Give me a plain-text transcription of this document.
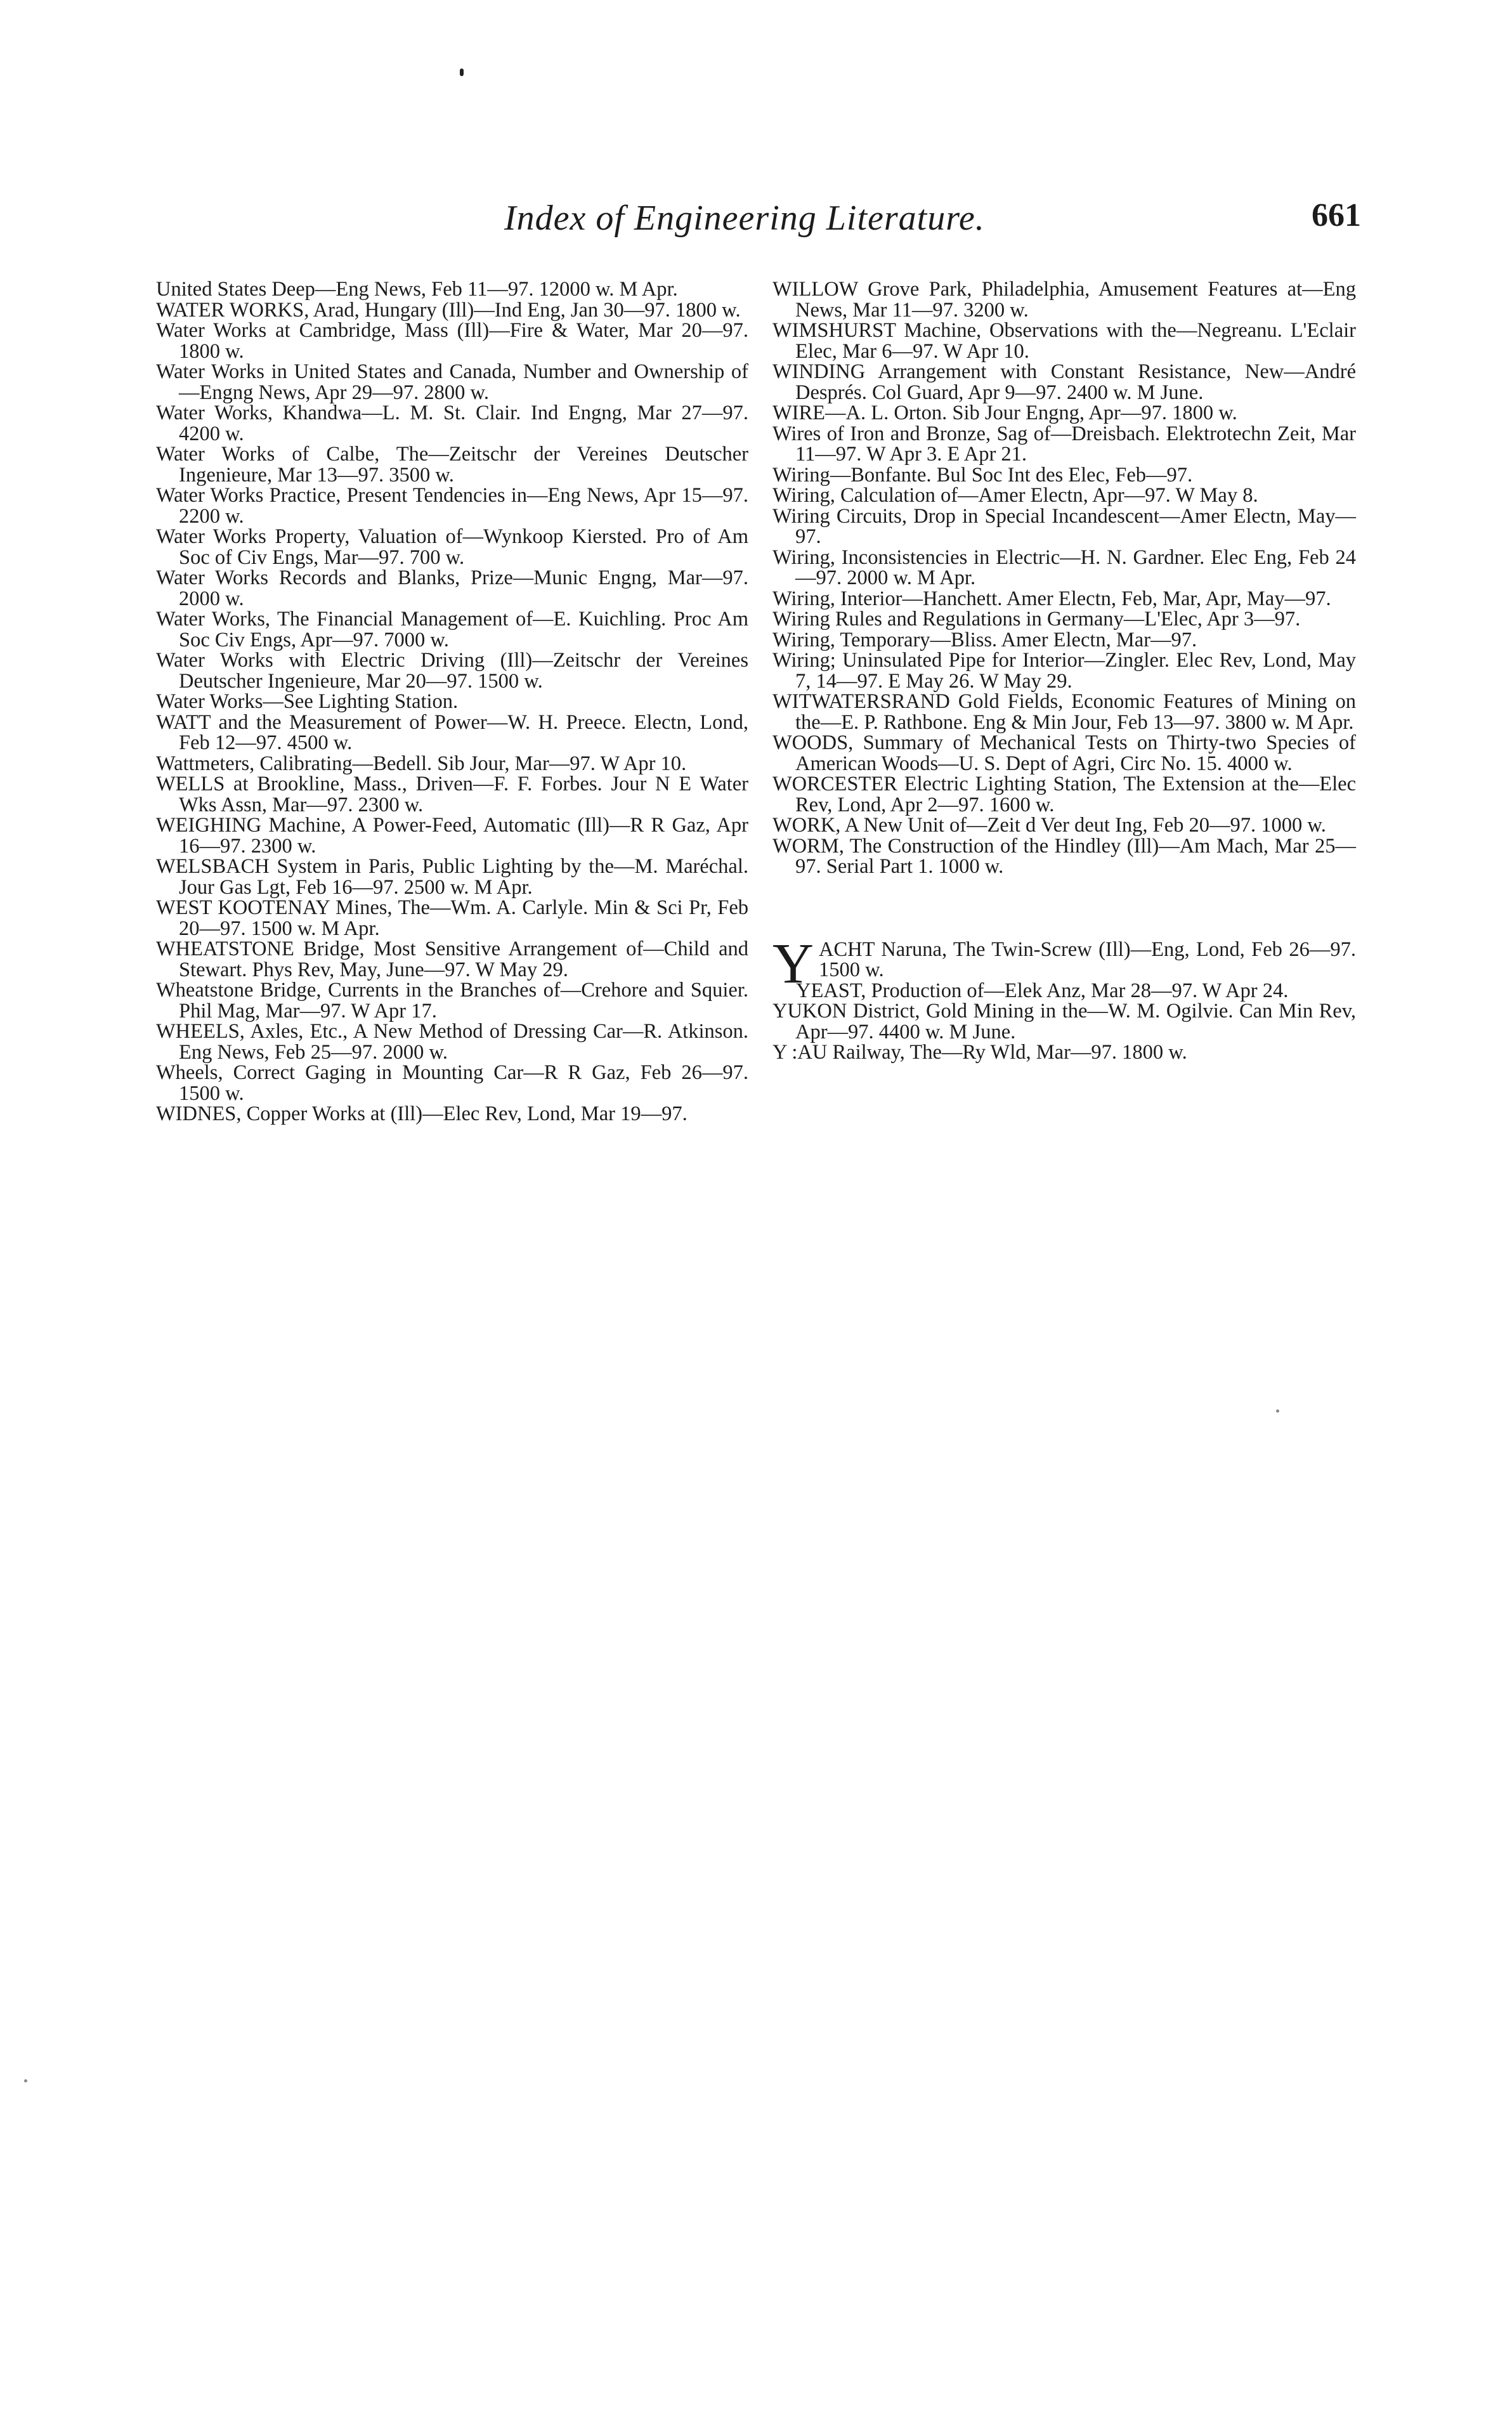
Index of Engineering Literature.	661

United States Deep—Eng News, Feb 11—97. 12000 w. M Apr.

WATER WORKS, Arad, Hungary (Ill)—Ind Eng, Jan 30—97. 1800 w.

Water Works at Cambridge, Mass (Ill)—Fire & Water, Mar 20—97. 1800 w.

Water Works in United States and Canada, Number and Ownership of—Engng News, Apr 29—97. 2800 w.

Water Works, Khandwa—L. M. St. Clair. Ind Engng, Mar 27—97. 4200 w.

Water Works of Calbe, The—Zeitschr der Vereines Deutscher Ingenieure, Mar 13—97. 3500 w.

Water Works Practice, Present Tendencies in—Eng News, Apr 15—97. 2200 w.

Water Works Property, Valuation of—Wynkoop Kiersted. Pro of Am Soc of Civ Engs, Mar—97. 700 w.

Water Works Records and Blanks, Prize—Munic Engng, Mar—97. 2000 w.

Water Works, The Financial Management of—E. Kuichling. Proc Am Soc Civ Engs, Apr—97. 7000 w.

Water Works with Electric Driving (Ill)—Zeitschr der Vereines Deutscher Ingenieure, Mar 20—97. 1500 w.

Water Works—See Lighting Station.

WATT and the Measurement of Power—W. H. Preece. Electn, Lond, Feb 12—97. 4500 w.

Wattmeters, Calibrating—Bedell. Sib Jour, Mar—97. W Apr 10.

WELLS at Brookline, Mass., Driven—F. F. Forbes. Jour N E Water Wks Assn, Mar—97. 2300 w.

WEIGHING Machine, A Power-Feed, Automatic (Ill)—R R Gaz, Apr 16—97. 2300 w.

WELSBACH System in Paris, Public Lighting by the—M. Maréchal. Jour Gas Lgt, Feb 16—97. 2500 w. M Apr.

WEST KOOTENAY Mines, The—Wm. A. Carlyle. Min & Sci Pr, Feb 20—97. 1500 w. M Apr.

WHEATSTONE Bridge, Most Sensitive Arrangement of—Child and Stewart. Phys Rev, May, June—97. W May 29.

Wheatstone Bridge, Currents in the Branches of—Crehore and Squier. Phil Mag, Mar—97. W Apr 17.

WHEELS, Axles, Etc., A New Method of Dressing Car—R. Atkinson. Eng News, Feb 25—97. 2000 w.

Wheels, Correct Gaging in Mounting Car—R R Gaz, Feb 26—97. 1500 w.

WIDNES, Copper Works at (Ill)—Elec Rev, Lond, Mar 19—97.

WILLOW Grove Park, Philadelphia, Amusement Features at—Eng News, Mar 11—97. 3200 w.

WIMSHURST Machine, Observations with the—Negreanu. L'Eclair Elec, Mar 6—97. W Apr 10.

WINDING Arrangement with Constant Resistance, New—André Després. Col Guard, Apr 9—97. 2400 w. M June.

WIRE—A. L. Orton. Sib Jour Engng, Apr—97. 1800 w.

Wires of Iron and Bronze, Sag of—Dreisbach. Elektrotechn Zeit, Mar 11—97. W Apr 3. E Apr 21.

Wiring—Bonfante. Bul Soc Int des Elec, Feb—97.

Wiring, Calculation of—Amer Electn, Apr—97. W May 8.

Wiring Circuits, Drop in Special Incandescent—Amer Electn, May—97.

Wiring, Inconsistencies in Electric—H. N. Gardner. Elec Eng, Feb 24—97. 2000 w. M Apr.

Wiring, Interior—Hanchett. Amer Electn, Feb, Mar, Apr, May—97.

Wiring Rules and Regulations in Germany—L'Elec, Apr 3—97.

Wiring, Temporary—Bliss. Amer Electn, Mar—97.

Wiring; Uninsulated Pipe for Interior—Zingler. Elec Rev, Lond, May 7, 14—97. E May 26. W May 29.

WITWATERSRAND Gold Fields, Economic Features of Mining on the—E. P. Rathbone. Eng & Min Jour, Feb 13—97. 3800 w. M Apr.

WOODS, Summary of Mechanical Tests on Thirty-two Species of American Woods—U. S. Dept of Agri, Circ No. 15. 4000 w.

WORCESTER Electric Lighting Station, The Extension at the—Elec Rev, Lond, Apr 2—97. 1600 w.

WORK, A New Unit of—Zeit d Ver deut Ing, Feb 20—97. 1000 w.

WORM, The Construction of the Hindley (Ill)—Am Mach, Mar 25—97. Serial Part 1. 1000 w.

YACHT Naruna, The Twin-Screw (Ill)—Eng, Lond, Feb 26—97. 1500 w.

YEAST, Production of—Elek Anz, Mar 28—97. W Apr 24.

YUKON District, Gold Mining in the—W. M. Ogilvie. Can Min Rev, Apr—97. 4400 w. M June.

Y :AU Railway, The—Ry Wld, Mar—97. 1800 w.
